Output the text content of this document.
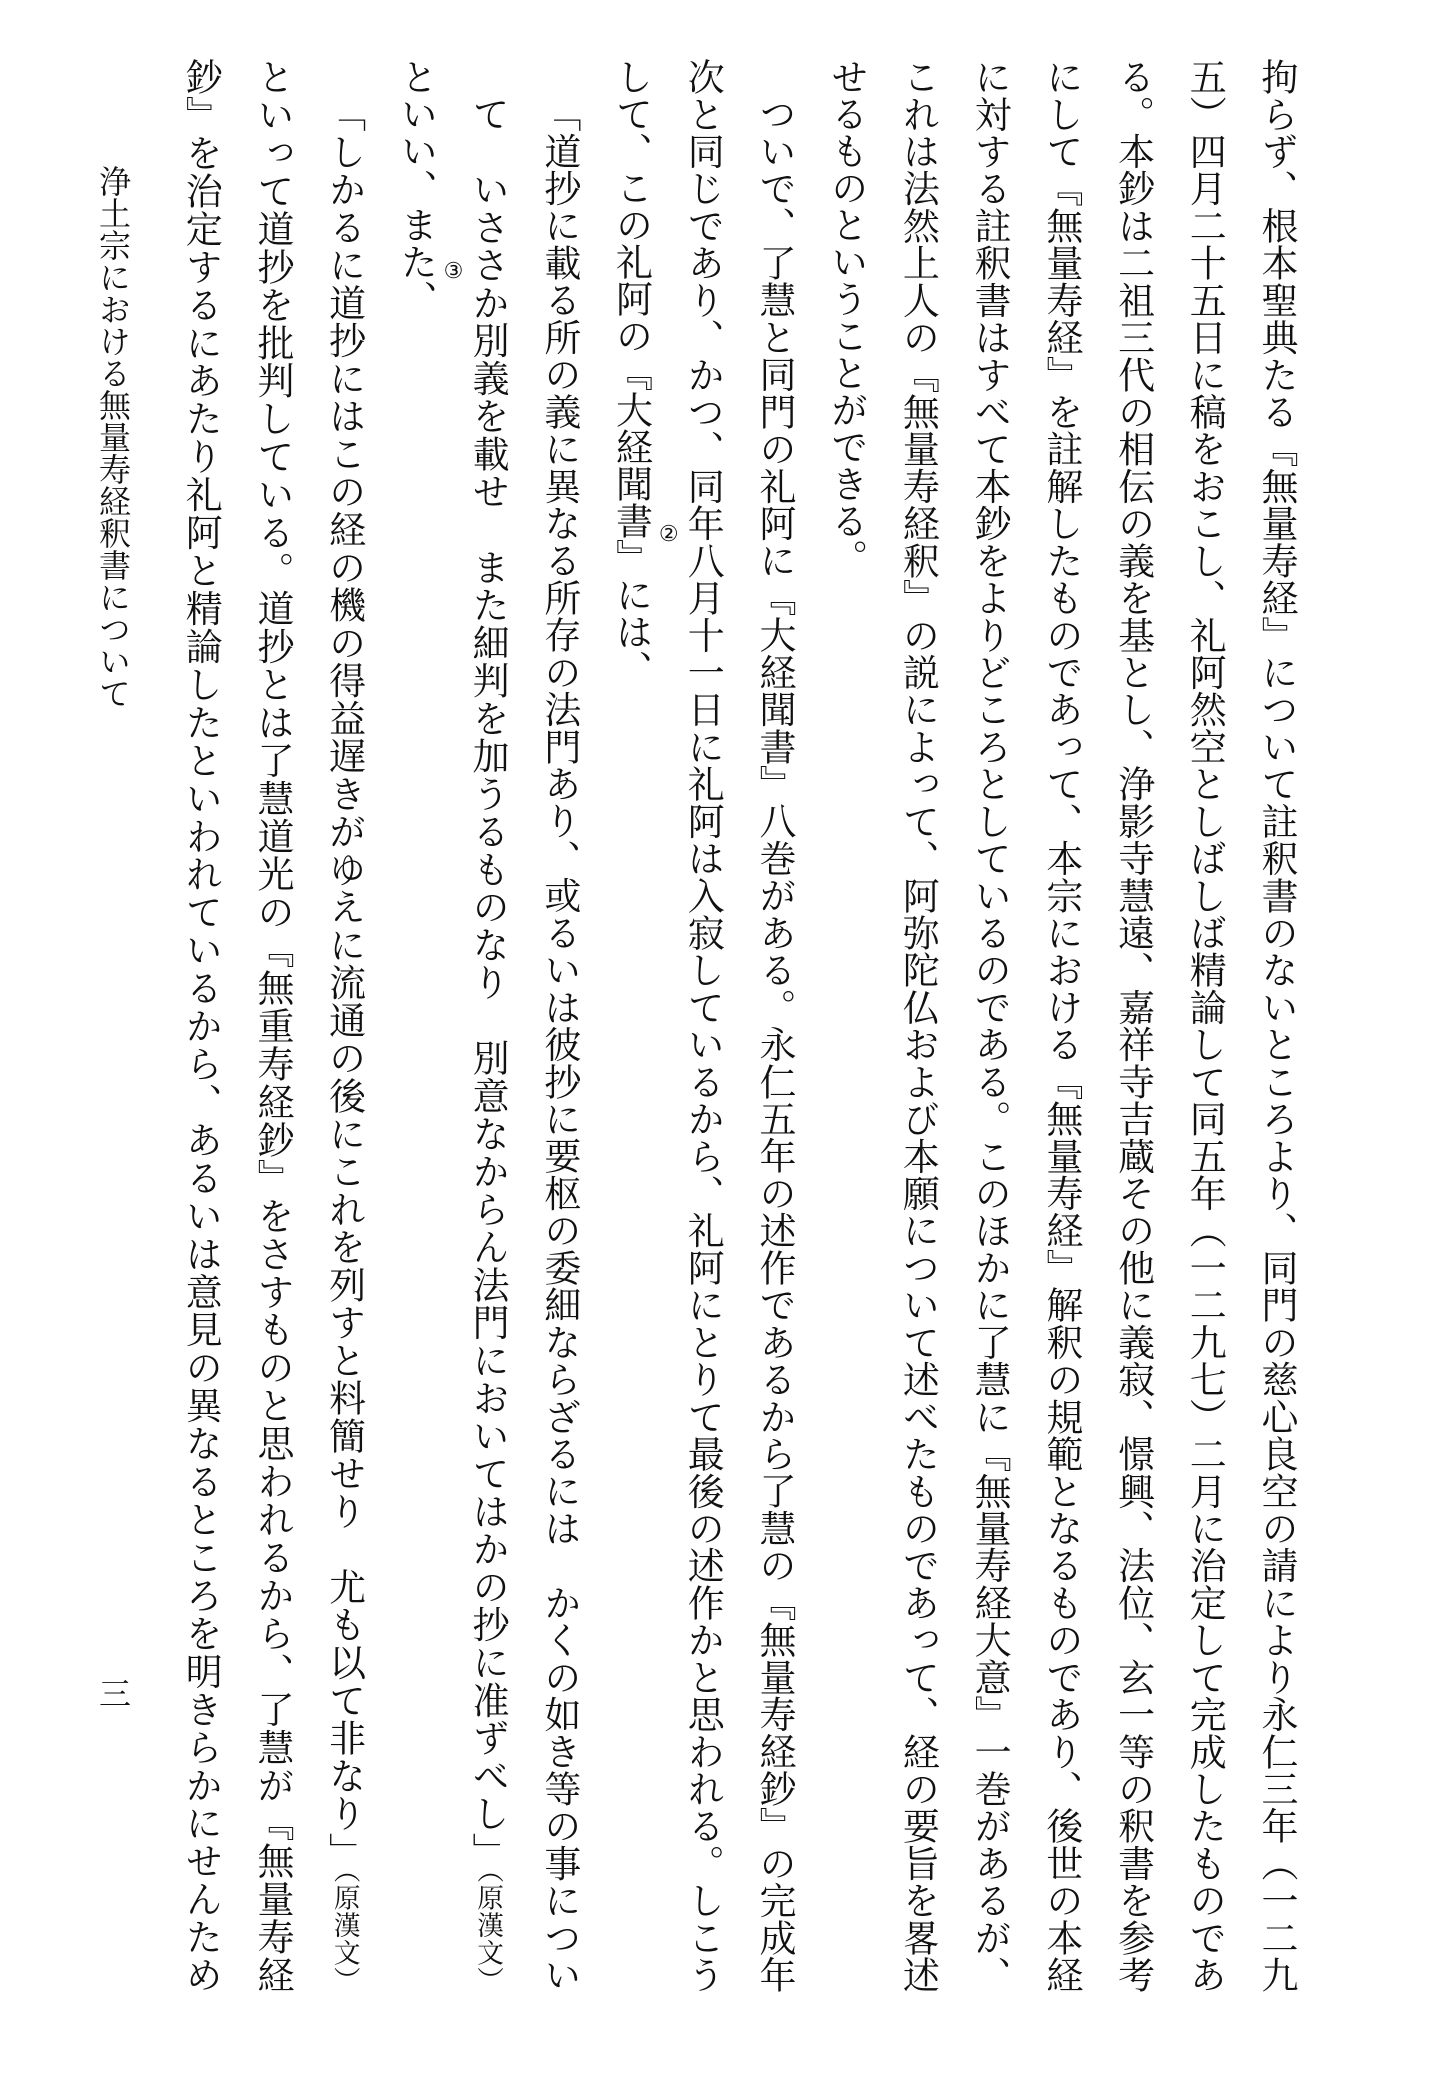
拘らず、根本聖典たる『無量寿経』について註釈書のないところより、同門の慈心良空の請により永仁三年（一二九
五）四月二十五日に稿をおこし、礼阿然空としばしば精論して同五年（一二九七）二月に治定して完成したものであ
る。本鈔は二祖三代の相伝の義を基とし、浄影寺慧遠、嘉祥寺吉蔵その他に義寂、憬興、法位、玄一等の釈書を参考
にして『無量寿経』を註解したものであって、本宗における『無量寿経』解釈の規範となるものであり、後世の本経
に対する註釈書はすべて本鈔をよりどころとしているのである。このほかに了慧に『無量寿経大意』一巻があるが、
これは法然上人の『無量寿経釈』の説によって、阿弥陀仏および本願について述べたものであって、経の要旨を畧述
せるものということができる。
ついで、了慧と同門の礼阿に『大経聞書』八巻がある。永仁五年の述作であるから了慧の『無量寿経鈔』の完成年
次と同じであり、かつ、同年八月十一日に礼阿は入寂しているから、礼阿にとりて最後の述作かと思われる。しこう
して、この礼阿の『大経聞書』 ②
には、
「道抄に載る所の義に異なる所存の法門あり、或るいは彼抄に要枢の委細ならざるには　かくの如き等の事につい
て　いささか別義を載せ　また細判を加うるものなり　別意なからん法門においてはかの抄に准ずべし」（原漢文）
といい、また、 ③
「しかるに道抄にはこの経の機の得益遅きがゆえに流通の後にこれを列すと料簡せり　尤も以て非なり」（原漢文）
といって道抄を批判している。道抄とは了慧道光の『無重寿経鈔』をさすものと思われるから、了慧が『無量寿経
鈔』を治定するにあたり礼阿と精論したといわれているから、あるいは意見の異なるところを明きらかにせんため
浄土宗における無量寿経釈書について
三
